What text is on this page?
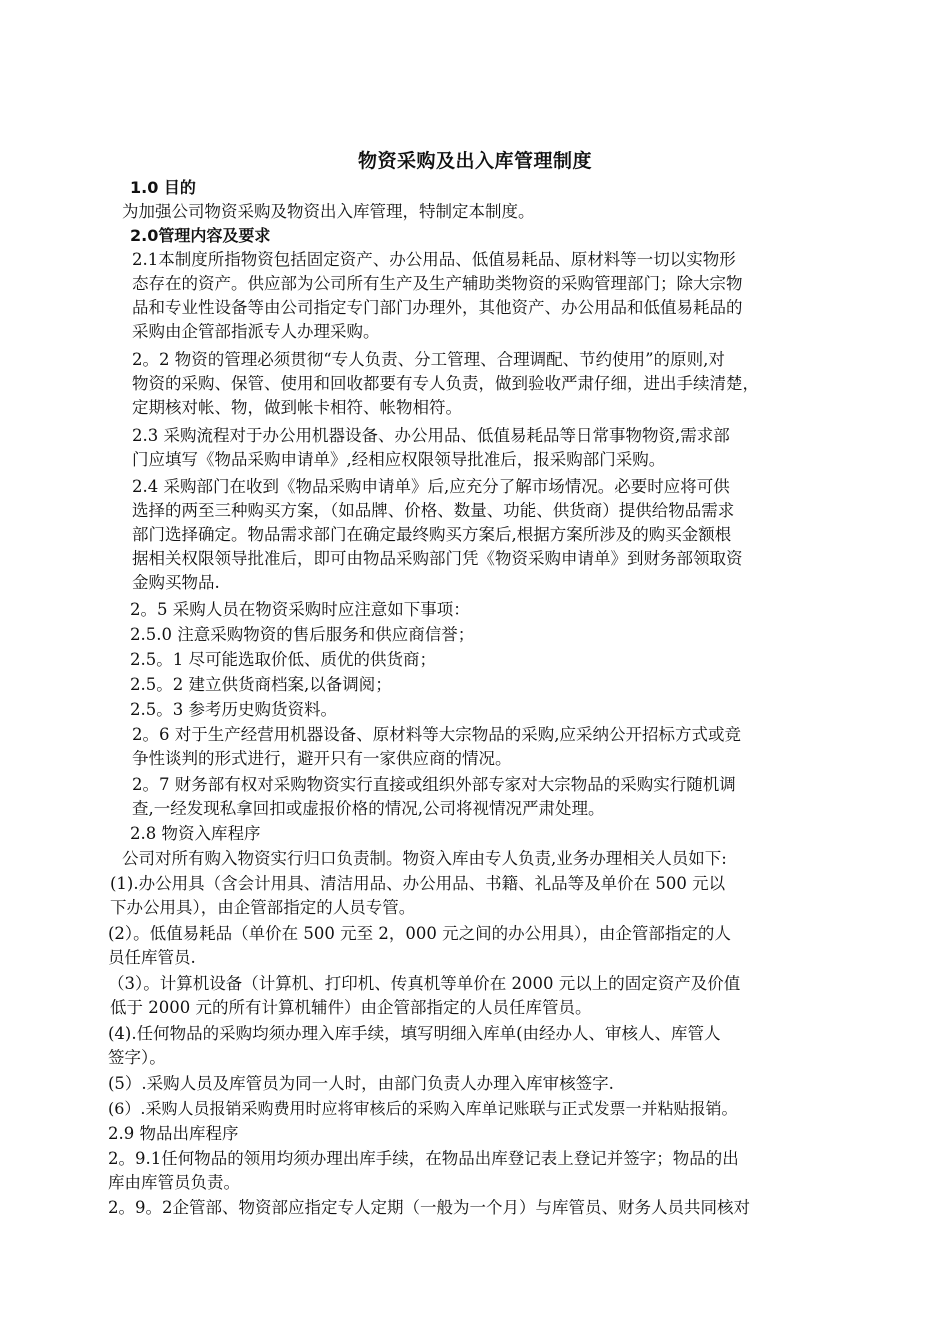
物资采购及出入库管理制度
1.0 目的
为加强公司物资采购及物资出入库管理，特制定本制度。
2.0管理内容及要求
2.1本制度所指物资包括固定资产、办公用品、低值易耗品、原材料等一切以实物形
态存在的资产。供应部为公司所有生产及生产辅助类物资的采购管理部门；除大宗物
品和专业性设备等由公司指定专门部门办理外，其他资产、办公用品和低值易耗品的
采购由企管部指派专人办理采购。
2。2 物资的管理必须贯彻“专人负责、分工管理、合理调配、节约使用”的原则,对
物资的采购、保管、使用和回收都要有专人负责，做到验收严肃仔细，进出手续清楚，
定期核对帐、物，做到帐卡相符、帐物相符。
2.3 采购流程对于办公用机器设备、办公用品、低值易耗品等日常事物物资,需求部
门应填写《物品采购申请单》,经相应权限领导批准后，报采购部门采购。
2.4 采购部门在收到《物品采购申请单》后,应充分了解市场情况。必要时应将可供
选择的两至三种购买方案，（如品牌、价格、数量、功能、供货商）提供给物品需求
部门选择确定。物品需求部门在确定最终购买方案后,根据方案所涉及的购买金额根
据相关权限领导批准后，即可由物品采购部门凭《物资采购申请单》到财务部领取资
金购买物品.
2。5 采购人员在物资采购时应注意如下事项：
2.5.0 注意采购物资的售后服务和供应商信誉；
2.5。1 尽可能选取价低、质优的供货商；
2.5。2 建立供货商档案,以备调阅；
2.5。3 参考历史购货资料。
2。6 对于生产经营用机器设备、原材料等大宗物品的采购,应采纳公开招标方式或竞
争性谈判的形式进行，避开只有一家供应商的情况。
2。7 财务部有权对采购物资实行直接或组织外部专家对大宗物品的采购实行随机调
查,一经发现私拿回扣或虚报价格的情况,公司将视情况严肃处理。
2.8 物资入库程序
公司对所有购入物资实行归口负责制。物资入库由专人负责,业务办理相关人员如下:
(1).办公用具（含会计用具、清洁用品、办公用品、书籍、礼品等及单价在 500 元以
下办公用具），由企管部指定的人员专管。
(2）。低值易耗品（单价在 500 元至 2，000 元之间的办公用具），由企管部指定的人
员任库管员.
（3）。计算机设备（计算机、打印机、传真机等单价在 2000 元以上的固定资产及价值
低于 2000 元的所有计算机辅件）由企管部指定的人员任库管员。
(4).任何物品的采购均须办理入库手续，填写明细入库单(由经办人、审核人、库管人
签字）。
(5）.采购人员及库管员为同一人时，由部门负责人办理入库审核签字.
(6）.采购人员报销采购费用时应将审核后的采购入库单记账联与正式发票一并粘贴报销。
2.9 物品出库程序
2。9.1任何物品的领用均须办理出库手续，在物品出库登记表上登记并签字；物品的出
库由库管员负责。
2。9。2企管部、物资部应指定专人定期（一般为一个月）与库管员、财务人员共同核对
